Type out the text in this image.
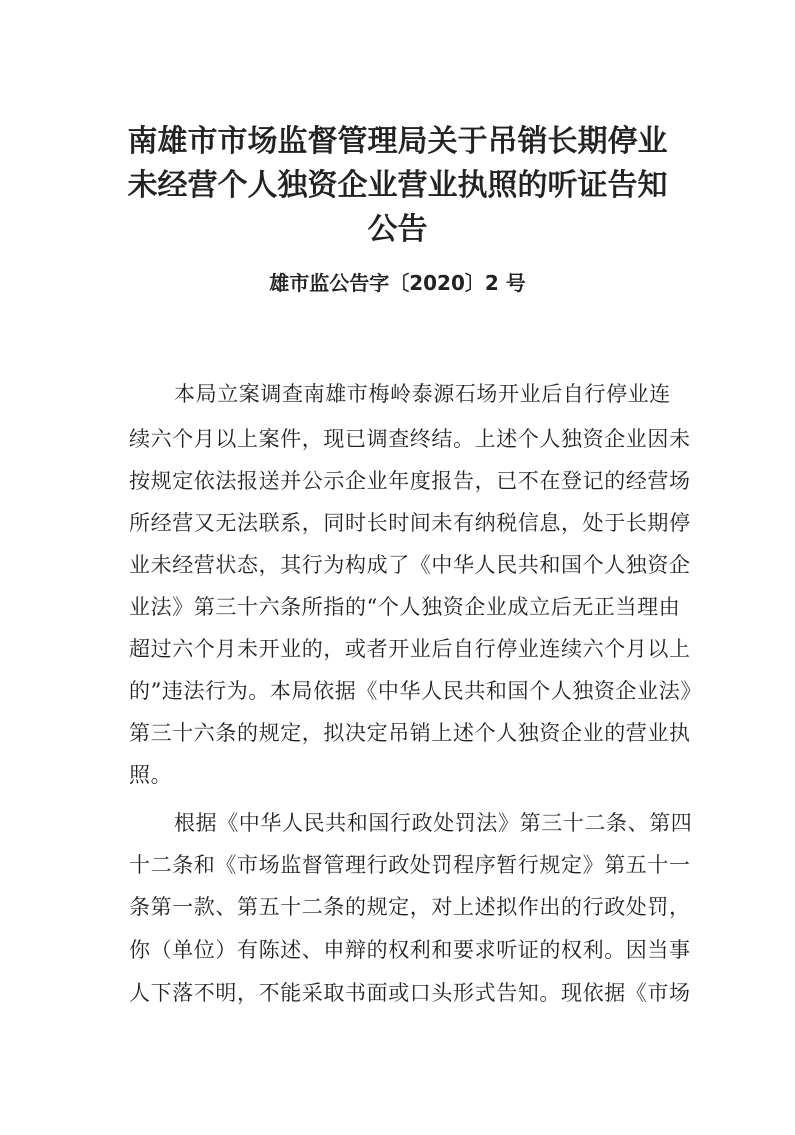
南雄市市场监督管理局关于吊销长期停业
未经营个人独资企业营业执照的听证告知
公告
雄市监公告字〔2020〕2 号
本局立案调查南雄市梅岭泰源石场开业后自行停业连
续六个月以上案件，现已调查终结。上述个人独资企业因未
按规定依法报送并公示企业年度报告，已不在登记的经营场
所经营又无法联系，同时长时间未有纳税信息，处于长期停
业未经营状态，其行为构成了《中华人民共和国个人独资企
业法》第三十六条所指的“个人独资企业成立后无正当理由
超过六个月未开业的，或者开业后自行停业连续六个月以上
的”违法行为。本局依据《中华人民共和国个人独资企业法》
第三十六条的规定，拟决定吊销上述个人独资企业的营业执
照。
根据《中华人民共和国行政处罚法》第三十二条、第四
十二条和《市场监督管理行政处罚程序暂行规定》第五十一
条第一款、第五十二条的规定，对上述拟作出的行政处罚，
你（单位）有陈述、申辩的权利和要求听证的权利。因当事
人下落不明，不能采取书面或口头形式告知。现依据《市场
